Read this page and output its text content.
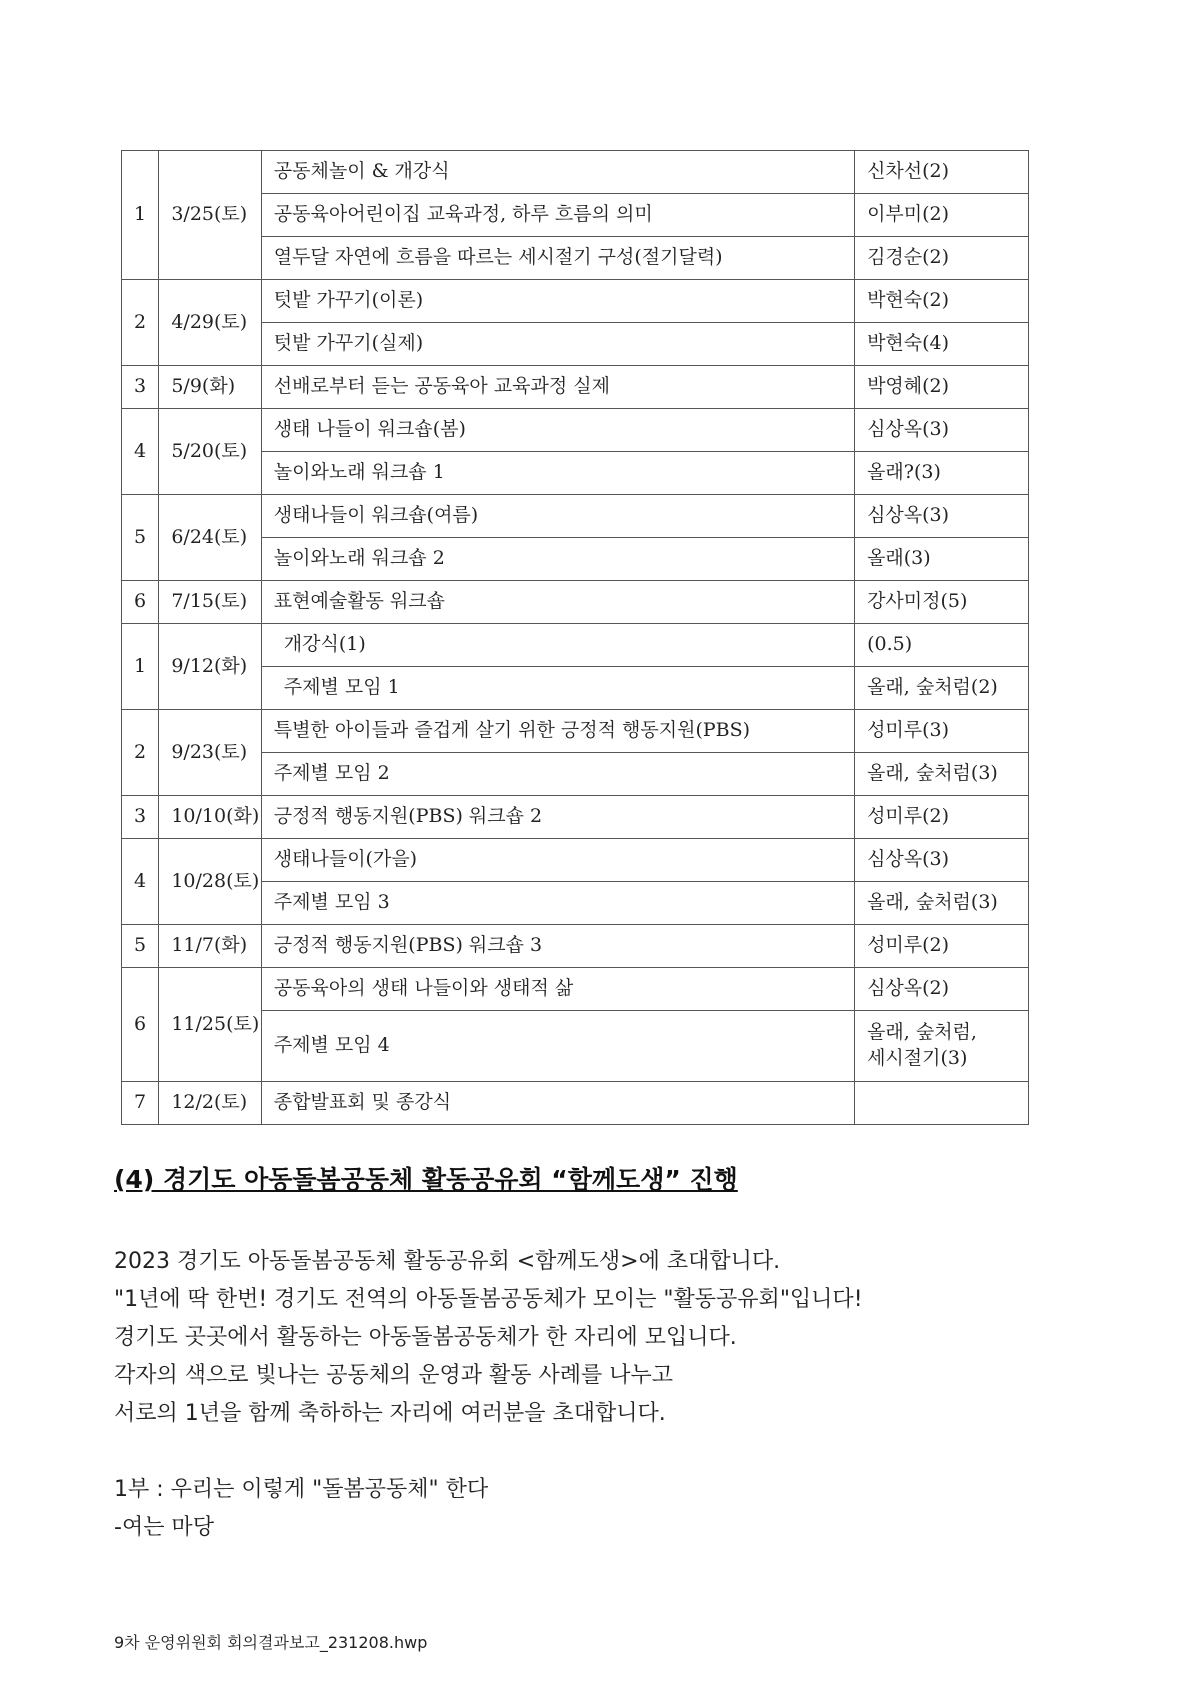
1	3/25(토)	공동체놀이 & 개강식	신차선(2)
		공동육아어린이집 교육과정, 하루 흐름의 의미	이부미(2)
		열두달 자연에 흐름을 따르는 세시절기 구성(절기달력)	김경순(2)
2	4/29(토)	텃밭 가꾸기(이론)	박현숙(2)
		텃밭 가꾸기(실제)	박현숙(4)
3	5/9(화)	선배로부터 듣는 공동육아 교육과정 실제	박영혜(2)
4	5/20(토)	생태 나들이 워크숍(봄)	심상옥(3)
		놀이와노래 워크숍 1	올래?(3)
5	6/24(토)	생태나들이 워크숍(여름)	심상옥(3)
		놀이와노래 워크숍 2	올래(3)
6	7/15(토)	표현예술활동 워크숍	강사미정(5)
1	9/12(화)	개강식(1)	(0.5)
		주제별 모임 1	올래, 숲처럼(2)
2	9/23(토)	특별한 아이들과 즐겁게 살기 위한 긍정적 행동지원(PBS)	성미루(3)
		주제별 모임 2	올래, 숲처럼(3)
3	10/10(화)	긍정적 행동지원(PBS) 워크숍 2	성미루(2)
4	10/28(토)	생태나들이(가을)	심상옥(3)
		주제별 모임 3	올래, 숲처럼(3)
5	11/7(화)	긍정적 행동지원(PBS) 워크숍 3	성미루(2)
6	11/25(토)	공동육아의 생태 나들이와 생태적 삶	심상옥(2)
		주제별 모임 4	올래, 숲처럼,
세시절기(3)

7	12/2(토)	종합발표회 및 종강식	
(4) 경기도 아동돌봄공동체 활동공유회 “함께도생” 진행

2023 경기도 아동돌봄공동체 활동공유회 <함께도생>에 초대합니다.

"1년에 딱 한번! 경기도 전역의 아동돌봄공동체가 모이는 "활동공유회"입니다!

경기도 곳곳에서 활동하는 아동돌봄공동체가 한 자리에 모입니다.

각자의 색으로 빛나는 공동체의 운영과 활동 사례를 나누고

서로의 1년을 함께 축하하는 자리에 여러분을 초대합니다.

1부 : 우리는 이렇게 "돌봄공동체" 한다

-여는 마당

9차 운영위원회 회의결과보고_231208.hwp
